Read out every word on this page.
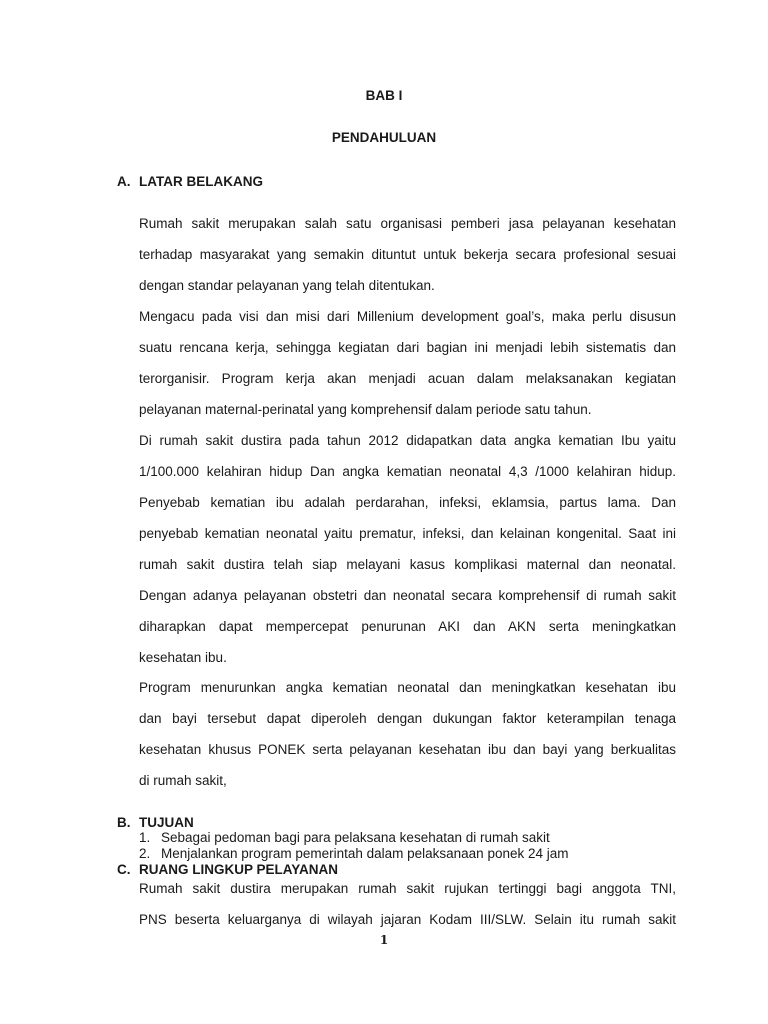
BAB I
PENDAHULUAN
A. LATAR BELAKANG
Rumah sakit merupakan salah satu organisasi pemberi jasa pelayanan kesehatan
terhadap masyarakat yang semakin dituntut untuk bekerja secara profesional sesuai
dengan standar pelayanan yang telah ditentukan.
Mengacu pada visi dan misi dari Millenium development goal’s, maka perlu disusun
suatu rencana kerja, sehingga kegiatan dari bagian ini menjadi lebih sistematis dan
terorganisir. Program kerja akan menjadi acuan dalam melaksanakan kegiatan
pelayanan maternal-perinatal yang komprehensif dalam periode satu tahun.
Di rumah sakit dustira pada tahun 2012 didapatkan data angka kematian Ibu yaitu
1/100.000 kelahiran hidup Dan angka kematian neonatal 4,3 /1000 kelahiran hidup.
Penyebab kematian ibu adalah perdarahan, infeksi, eklamsia, partus lama. Dan
penyebab kematian neonatal yaitu prematur, infeksi, dan kelainan kongenital. Saat ini
rumah sakit dustira telah siap melayani kasus komplikasi maternal dan neonatal.
Dengan adanya pelayanan obstetri dan neonatal secara komprehensif di rumah sakit
diharapkan dapat mempercepat penurunan AKI dan AKN serta meningkatkan
kesehatan ibu.
Program menurunkan angka kematian neonatal dan meningkatkan kesehatan ibu
dan bayi tersebut dapat diperoleh dengan dukungan faktor keterampilan tenaga
kesehatan khusus PONEK serta pelayanan kesehatan ibu dan bayi yang berkualitas
di rumah sakit,
B. TUJUAN
1. Sebagai pedoman bagi para pelaksana kesehatan di rumah sakit
2. Menjalankan program pemerintah dalam pelaksanaan ponek 24 jam
C. RUANG LINGKUP PELAYANAN
Rumah sakit dustira merupakan rumah sakit rujukan tertinggi bagi anggota TNI,
PNS beserta keluarganya di wilayah jajaran Kodam III/SLW. Selain itu rumah sakit
1
